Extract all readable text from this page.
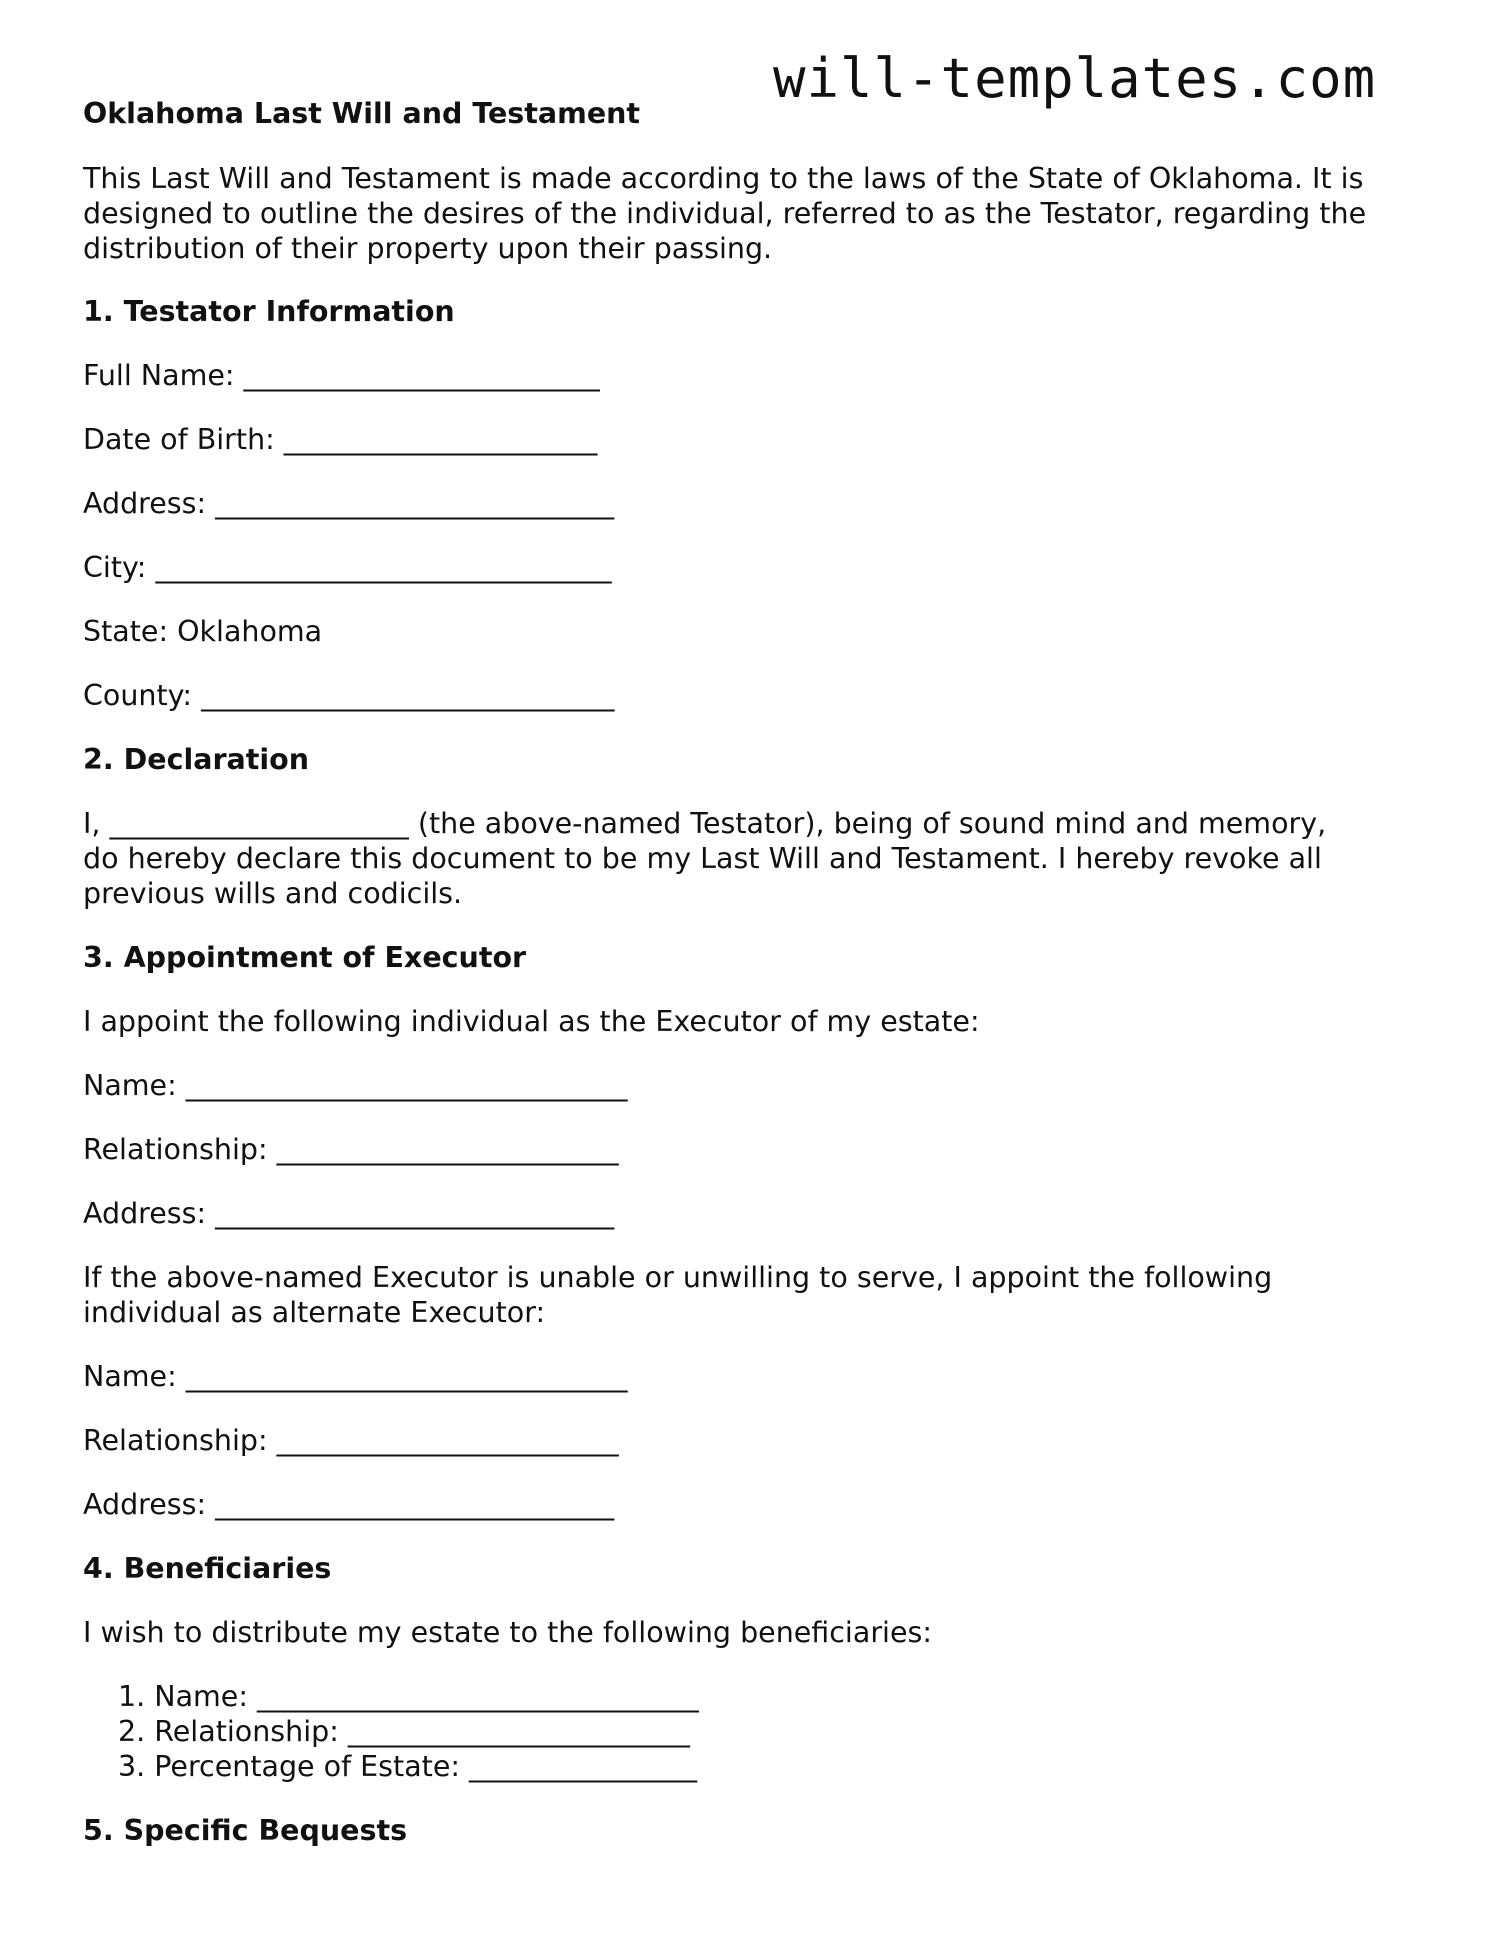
will-templates.com
Oklahoma Last Will and Testament
This Last Will and Testament is made according to the laws of the State of Oklahoma. It is
designed to outline the desires of the individual, referred to as the Testator, regarding the
distribution of their property upon their passing.
1. Testator Information
Full Name: _________________________
Date of Birth: ______________________
Address: ____________________________
City: ________________________________
State: Oklahoma
County: _____________________________
2. Declaration
I, _____________________ (the above-named Testator), being of sound mind and memory,
do hereby declare this document to be my Last Will and Testament. I hereby revoke all
previous wills and codicils.
3. Appointment of Executor
I appoint the following individual as the Executor of my estate:
Name: _______________________________
Relationship: ________________________
Address: ____________________________
If the above-named Executor is unable or unwilling to serve, I appoint the following
individual as alternate Executor:
Name: _______________________________
Relationship: ________________________
Address: ____________________________
4. Beneficiaries
I wish to distribute my estate to the following beneficiaries:
1. Name: _______________________________
2. Relationship: ________________________
3. Percentage of Estate: ________________
5. Specific Bequests
